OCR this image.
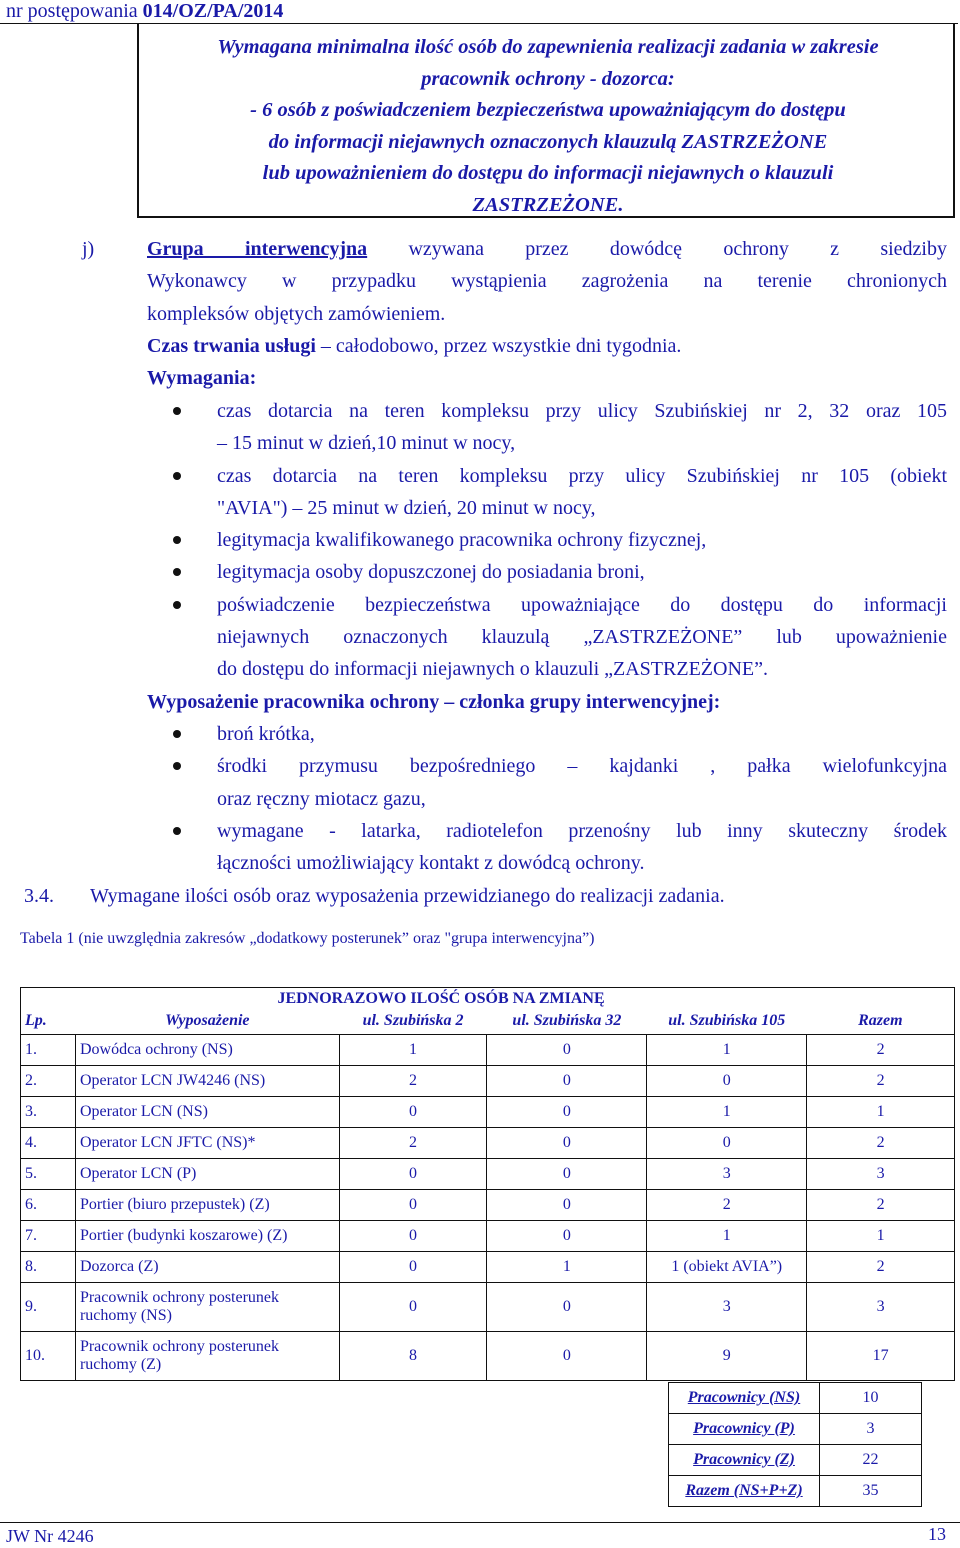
nr postępowania 014/OZ/PA/2014
Wymagana minimalna ilość osób do zapewnienia realizacji zadania w zakresie
pracownik ochrony - dozorca:
- 6 osób z poświadczeniem bezpieczeństwa upoważniającym do dostępu
do informacji niejawnych oznaczonych klauzulą ZASTRZEŻONE
lub upoważnieniem do dostępu do informacji niejawnych o klauzuli
ZASTRZEŻONE.
j)	Grupa interwencyjna wzywana przez dowódcę ochrony z siedziby
Wykonawcy w przypadku wystąpienia zagrożenia na terenie chronionych
kompleksów objętych zamówieniem.
Czas trwania usługi – całodobowo, przez wszystkie dni tygodnia.
Wymagania:
czas dotarcia na teren kompleksu przy ulicy Szubińskiej nr 2, 32 oraz 105
– 15 minut w dzień,10 minut w nocy,
czas dotarcia na teren kompleksu przy ulicy Szubińskiej nr 105 (obiekt
"AVIA") – 25 minut w dzień, 20 minut w nocy,
legitymacja kwalifikowanego pracownika ochrony fizycznej,
legitymacja osoby dopuszczonej do posiadania broni,
poświadczenie bezpieczeństwa upoważniające do dostępu do informacji
niejawnych oznaczonych klauzulą „ZASTRZEŻONE” lub upoważnienie
do dostępu do informacji niejawnych o klauzuli „ZASTRZEŻONE”.
Wyposażenie pracownika ochrony – członka grupy interwencyjnej:
broń krótka,
środki przymusu bezpośredniego – kajdanki , pałka wielofunkcyjna
oraz ręczny miotacz gazu,
wymagane - latarka, radiotelefon przenośny lub inny skuteczny środek
łączności umożliwiający kontakt z dowódcą ochrony.
3.4. Wymagane ilości osób oraz wyposażenia przewidzianego do realizacji zadania.
Tabela 1 (nie uwzględnia zakresów „dodatkowy posterunek” oraz "grupa interwencyjna”)
	JEDNORAZOWO ILOŚĆ OSÓB NA ZMIANĘ				
Lp.	Wyposażenie	ul. Szubińska 2	ul. Szubińska 32	ul. Szubińska 105	Razem
1.	Dowódca ochrony (NS)	1	0	1	2
2.	Operator LCN JW4246 (NS)	2	0	0	2
3.	Operator LCN (NS)	0	0	1	1
4.	Operator LCN JFTC (NS)*	2	0	0	2
5.	Operator LCN (P)	0	0	3	3
6.	Portier (biuro przepustek) (Z)	0	0	2	2
7.	Portier (budynki koszarowe) (Z)	0	0	1	1
8.	Dozorca (Z)	0	1	1 (obiekt AVIA”)	2
9.	Pracownik ochrony posterunek ruchomy (NS)	0	0	3	3
10.	Pracownik ochrony posterunek ruchomy (Z)	8	0	9	17
Pracownicy (NS)	10
Pracownicy (P)	3
Pracownicy (Z)	22
Razem (NS+P+Z)	35
JW Nr 4246	13
